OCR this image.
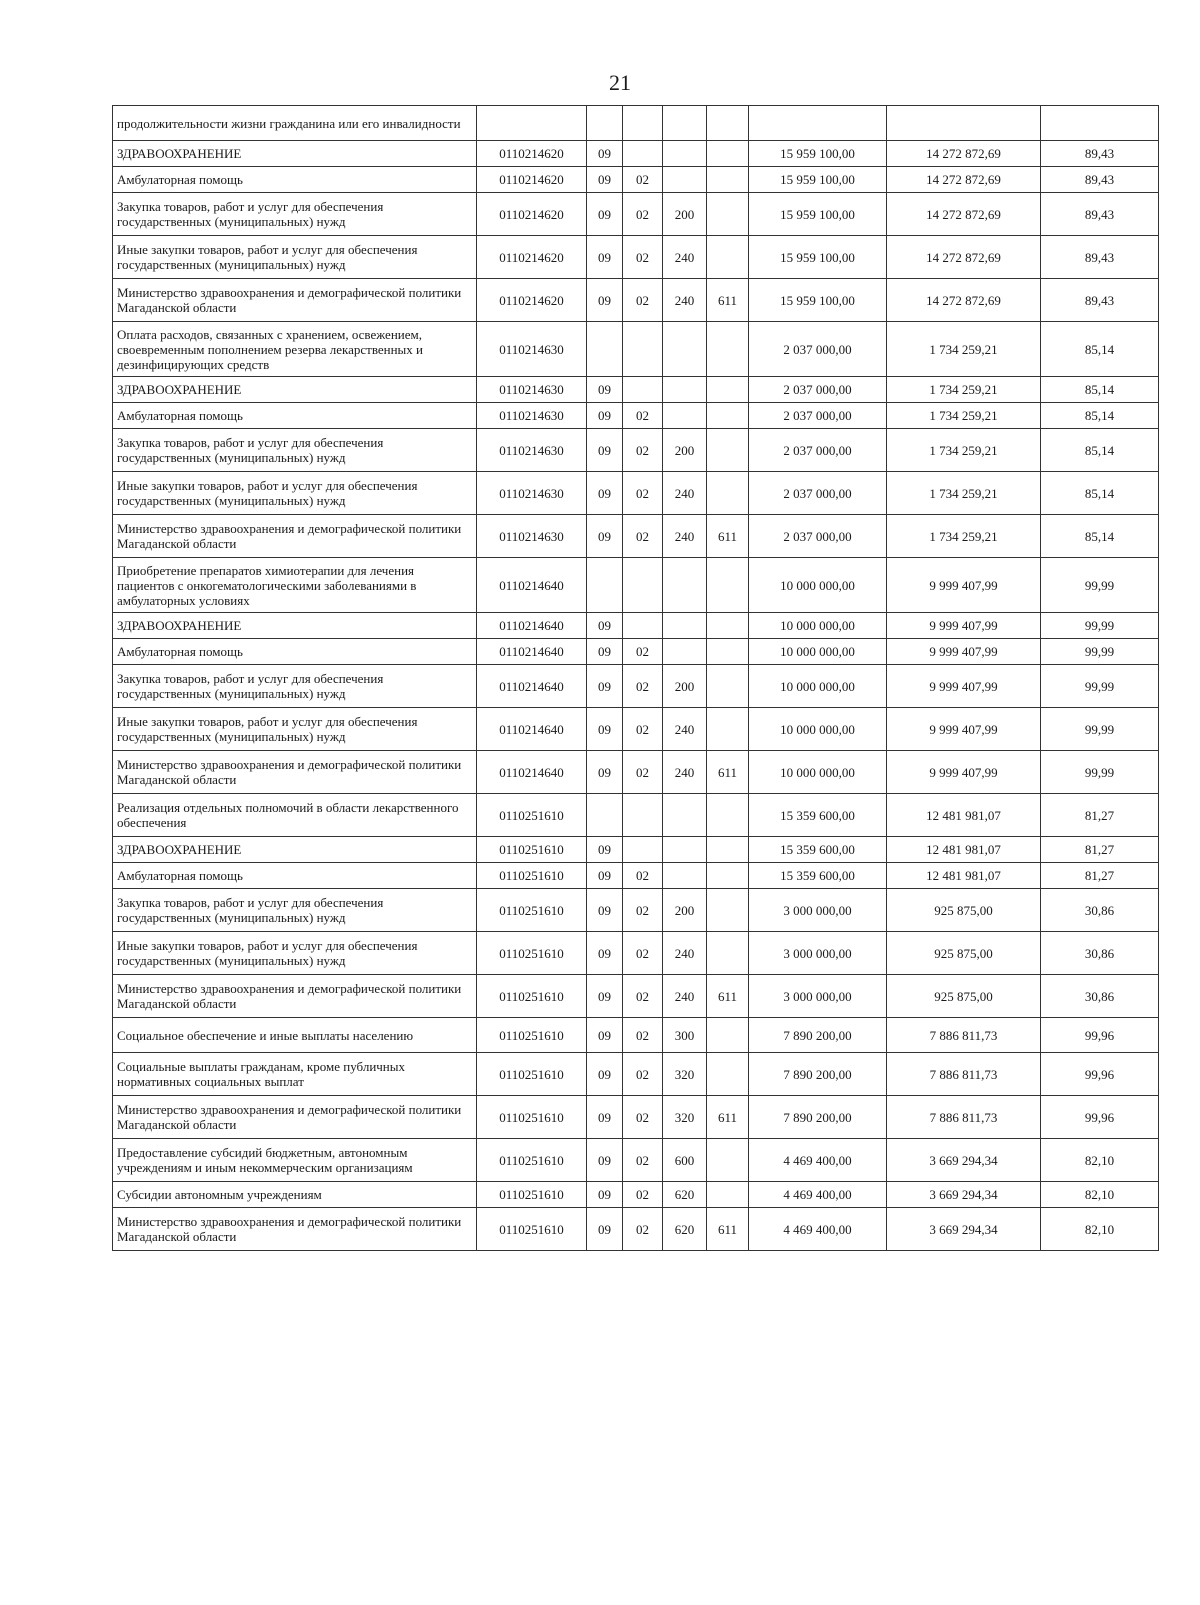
21
продолжительности жизни гражданина или его инвалидности								
ЗДРАВООХРАНЕНИЕ	0110214620	09				15 959 100,00	14 272 872,69	89,43
Амбулаторная помощь	0110214620	09	02			15 959 100,00	14 272 872,69	89,43
Закупка товаров, работ и услуг для обеспечения государственных (муниципальных) нужд	0110214620	09	02	200		15 959 100,00	14 272 872,69	89,43
Иные закупки товаров, работ и услуг для обеспечения государственных (муниципальных) нужд	0110214620	09	02	240		15 959 100,00	14 272 872,69	89,43
Министерство здравоохранения и демографической политики Магаданской области	0110214620	09	02	240	611	15 959 100,00	14 272 872,69	89,43
Оплата расходов, связанных с хранением, освежением, своевременным пополнением резерва лекарственных и дезинфицирующих средств	0110214630					2 037 000,00	1 734 259,21	85,14
ЗДРАВООХРАНЕНИЕ	0110214630	09				2 037 000,00	1 734 259,21	85,14
Амбулаторная помощь	0110214630	09	02			2 037 000,00	1 734 259,21	85,14
Закупка товаров, работ и услуг для обеспечения государственных (муниципальных) нужд	0110214630	09	02	200		2 037 000,00	1 734 259,21	85,14
Иные закупки товаров, работ и услуг для обеспечения государственных (муниципальных) нужд	0110214630	09	02	240		2 037 000,00	1 734 259,21	85,14
Министерство здравоохранения и демографической политики Магаданской области	0110214630	09	02	240	611	2 037 000,00	1 734 259,21	85,14
Приобретение препаратов химиотерапии для лечения пациентов с онкогематологическими заболеваниями в амбулаторных условиях	0110214640					10 000 000,00	9 999 407,99	99,99
ЗДРАВООХРАНЕНИЕ	0110214640	09				10 000 000,00	9 999 407,99	99,99
Амбулаторная помощь	0110214640	09	02			10 000 000,00	9 999 407,99	99,99
Закупка товаров, работ и услуг для обеспечения государственных (муниципальных) нужд	0110214640	09	02	200		10 000 000,00	9 999 407,99	99,99
Иные закупки товаров, работ и услуг для обеспечения государственных (муниципальных) нужд	0110214640	09	02	240		10 000 000,00	9 999 407,99	99,99
Министерство здравоохранения и демографической политики Магаданской области	0110214640	09	02	240	611	10 000 000,00	9 999 407,99	99,99
Реализация отдельных полномочий в области лекарственного обеспечения	0110251610					15 359 600,00	12 481 981,07	81,27
ЗДРАВООХРАНЕНИЕ	0110251610	09				15 359 600,00	12 481 981,07	81,27
Амбулаторная помощь	0110251610	09	02			15 359 600,00	12 481 981,07	81,27
Закупка товаров, работ и услуг для обеспечения государственных (муниципальных) нужд	0110251610	09	02	200		3 000 000,00	925 875,00	30,86
Иные закупки товаров, работ и услуг для обеспечения государственных (муниципальных) нужд	0110251610	09	02	240		3 000 000,00	925 875,00	30,86
Министерство здравоохранения и демографической политики Магаданской области	0110251610	09	02	240	611	3 000 000,00	925 875,00	30,86
Социальное обеспечение и иные выплаты населению	0110251610	09	02	300		7 890 200,00	7 886 811,73	99,96
Социальные выплаты гражданам, кроме публичных нормативных социальных выплат	0110251610	09	02	320		7 890 200,00	7 886 811,73	99,96
Министерство здравоохранения и демографической политики Магаданской области	0110251610	09	02	320	611	7 890 200,00	7 886 811,73	99,96
Предоставление субсидий бюджетным, автономным учреждениям и иным некоммерческим организациям	0110251610	09	02	600		4 469 400,00	3 669 294,34	82,10
Субсидии автономным учреждениям	0110251610	09	02	620		4 469 400,00	3 669 294,34	82,10
Министерство здравоохранения и демографической политики Магаданской области	0110251610	09	02	620	611	4 469 400,00	3 669 294,34	82,10
